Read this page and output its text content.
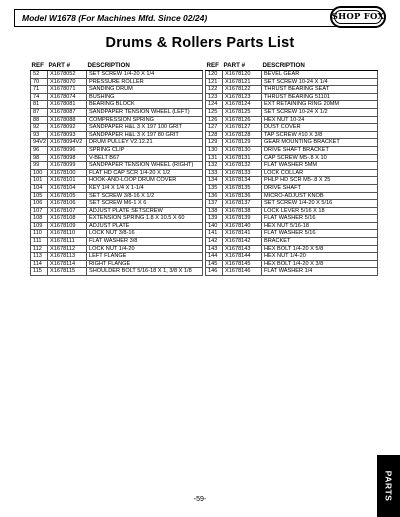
Model W1678 (For Machines Mfd. Since 02/24)	SHOP FOX
Drums & Rollers Parts List
REF	PART #	DESCRIPTION
52	X1678052	SET SCREW 1/4-20 X 1/4
70	X1678070	PRESSURE ROLLER
71	X1678071	SANDING DRUM
74	X1678074	BUSHING
81	X1678081	BEARING BLOCK
87	X1678087	SANDPAPER TENSION WHEEL (LEFT)
88	X1678088	COMPRESSION SPRING
92	X1678092	SANDPAPER H&L 3 X 197 100 GRIT
93	X1678093	SANDPAPER H&L 3 X 197 80 GRIT
94V2	X1678094V2	DRUM PULLEY V2.12.21
96	X1678096	SPRING CLIP
98	X1678098	V-BELT B67
99	X1678099	SANDPAPER TENSION WHEEL (RIGHT)
100	X1678100	FLAT HD CAP SCR 1/4-20 X 1/2
101	X1678101	HOOK-AND-LOOP DRUM COVER
104	X1678104	KEY 1/4 X 1/4 X 1-1/4
105	X1678105	SET SCREW 3/8-16 X 1/2
106	X1678106	SET SCREW M6-1 X 6
107	X1678107	ADJUST PLATE SETSCREW
108	X1678108	EXTENSION SPRING 1.8 X 10.5 X 60
109	X1678109	ADJUST PLATE
110	X1678110	LOCK NUT 3/8-16
111	X1678111	FLAT WASHER 3/8
112	X1678112	LOCK NUT 1/4-20
113	X1678113	LEFT FLANGE
114	X1678114	RIGHT FLANGE
115	X1678115	SHOULDER BOLT 5/16-18 X 1, 3/8 X 1/8
REF	PART #	DESCRIPTION
120	X1678120	BEVEL GEAR
121	X1678121	SET SCREW 10-24 X 1/4
122	X1678122	THRUST BEARING SEAT
123	X1678123	THRUST BEARING 51101
124	X1678124	EXT RETAINING RING 20MM
125	X1678125	SET SCREW 10-24 X 1/2
126	X1678126	HEX NUT 10-24
127	X1678127	DUST COVER
128	X1678128	TAP SCREW #10 X 3/8
129	X1678129	GEAR MOUNTING BRACKET
130	X1678130	DRIVE SHAFT BRACKET
131	X1678131	CAP SCREW M5-.8 X 10
132	X1678132	FLAT WASHER 5MM
133	X1678133	LOCK COLLAR
134	X1678134	PHLP HD SCR M5-.8 X 25
135	X1678135	DRIVE SHAFT
136	X1678136	MICRO-ADJUST KNOB
137	X1678137	SET SCREW 1/4-20 X 5/16
138	X1678138	LOCK LEVER 5/16 X 18
139	X1678139	FLAT WASHER 5/16
140	X1678140	HEX NUT 5/16-18
141	X1678141	FLAT WASHER 5/16
142	X1678142	BRACKET
143	X1678143	HEX BOLT 1/4-20 X 5/8
144	X1678144	HEX NUT 1/4-20
145	X1678145	HEX BOLT 1/4-20 X 3/8
146	X1678146	FLAT WASHER 1/4
PARTS
-59-
